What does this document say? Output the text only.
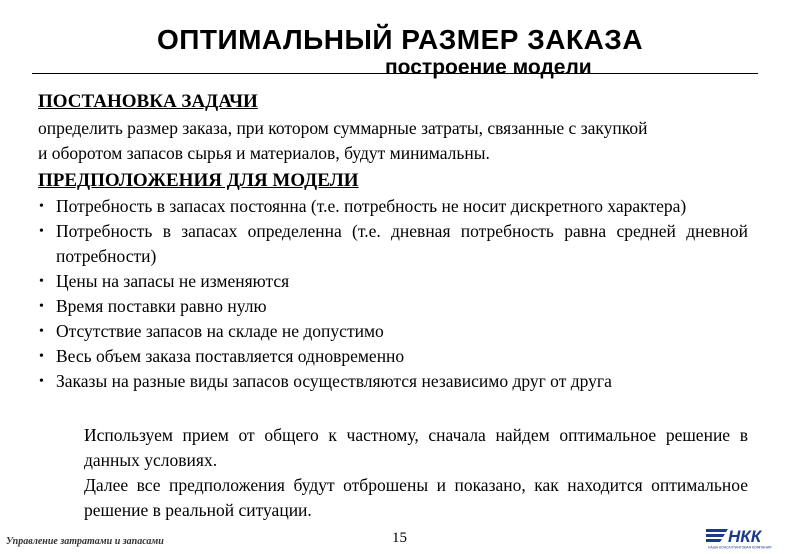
ОПТИМАЛЬНЫЙ РАЗМЕР ЗАКАЗА
построение модели
ПОСТАНОВКА ЗАДАЧИ
определить размер заказа, при котором суммарные затраты, связанные с закупкой
и оборотом запасов сырья и материалов, будут минимальны.
ПРЕДПОЛОЖЕНИЯ ДЛЯ МОДЕЛИ
• Потребность в запасах постоянна (т.е. потребность не носит дискретного характера)
• Потребность в запасах определенна (т.е. дневная потребность равна средней дневной потребности)
• Цены на запасы не изменяются
• Время поставки равно нулю
• Отсутствие запасов на складе не допустимо
• Весь объем заказа поставляется одновременно
• Заказы на разные виды запасов осуществляются независимо друг от друга

Используем прием от общего к частному, сначала найдем оптимальное решение в данных условиях.

Далее все предположения будут отброшены и показано, как находится оптимальное решение в реальной ситуации.

Управление затратами и запасами	15	НКК
НАША КОНСАЛТИНГОВАЯ КОМПАНИЯ
